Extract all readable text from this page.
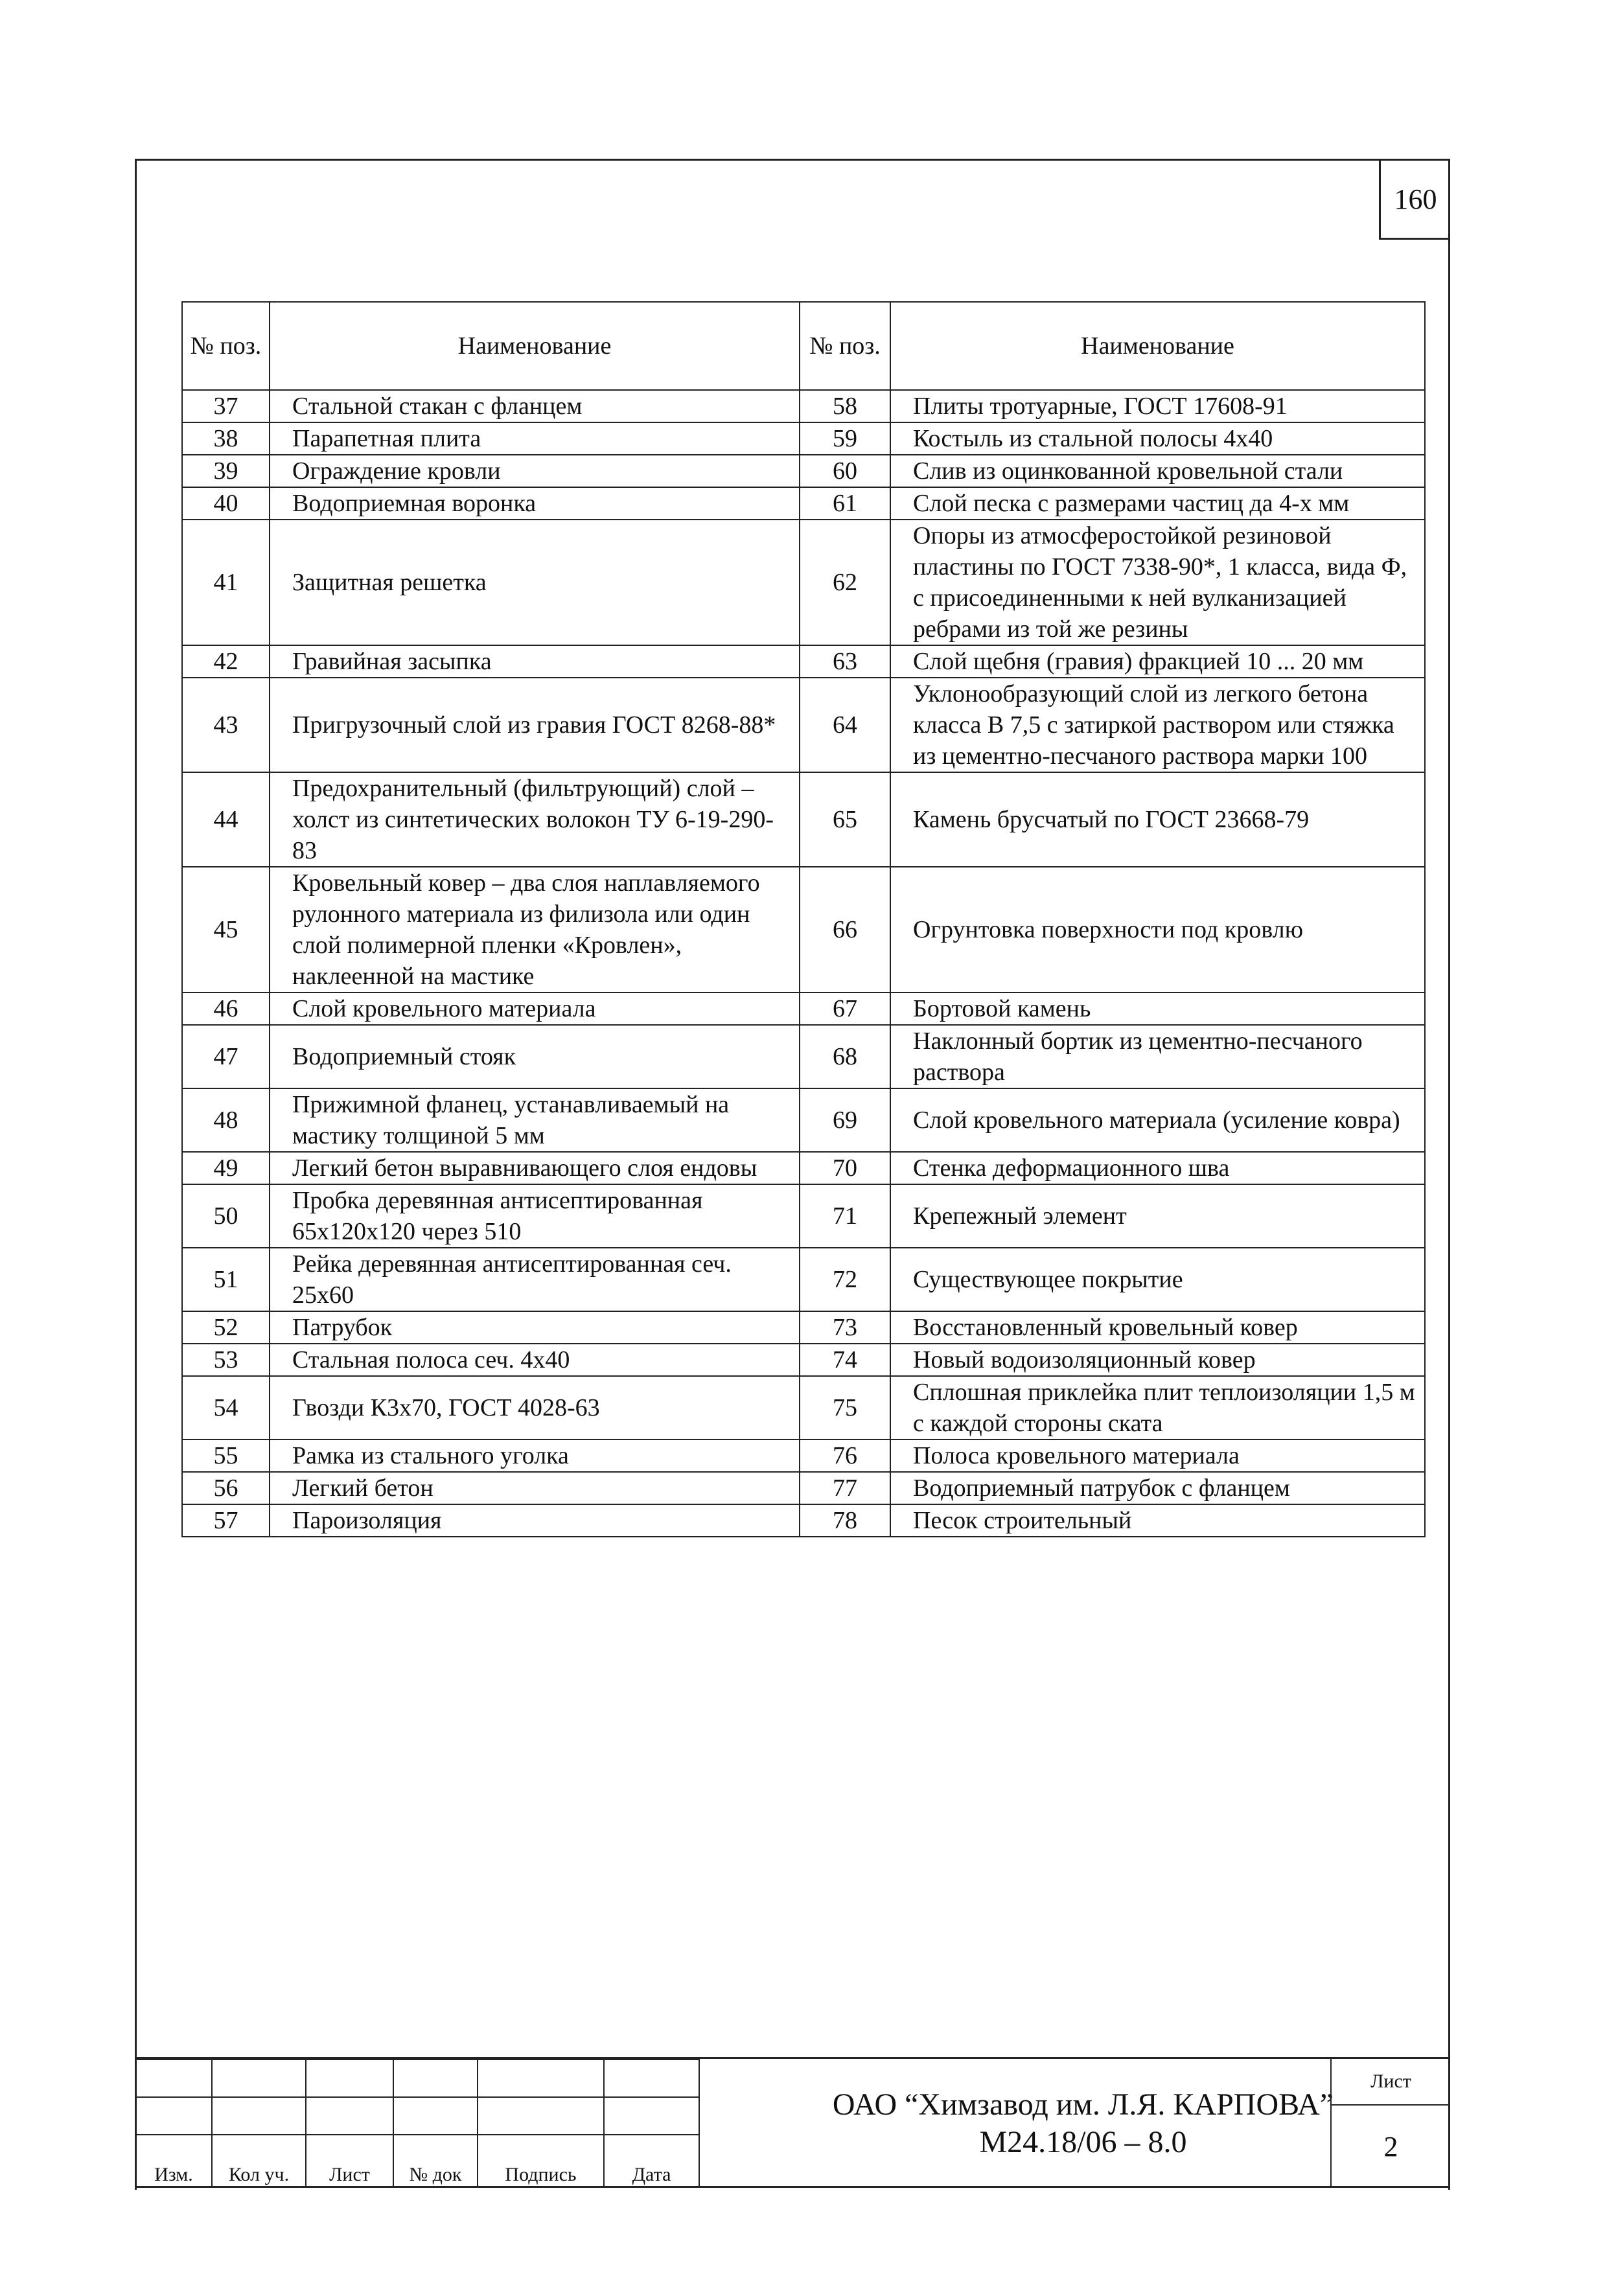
160
№ поз.	Наименование	№ поз.	Наименование
37	Стальной стакан с фланцем	58	Плиты тротуарные, ГОСТ 17608-91
38	Парапетная плита	59	Костыль из стальной полосы 4x40
39	Ограждение кровли	60	Слив из оцинкованной кровельной стали
40	Водоприемная воронка	61	Слой песка с размерами частиц да 4-х мм
41	Защитная решетка	62	Опоры из атмосферостойкой резиновой пластины по ГОСТ 7338-90*, 1 класса, вида Ф, с присоединенными к ней вулканизацией ребрами из той же резины
42	Гравийная засыпка	63	Слой щебня (гравия) фракцией 10 ... 20 мм
43	Пригрузочный слой из гравия ГОСТ 8268-88*	64	Уклонообразующий слой из легкого бетона класса В 7,5 с затиркой раствором или стяжка из цементно-песчаного раствора марки 100
44	Предохранительный (фильтрующий) слой – холст из синтетических волокон ТУ 6-19-290-83	65	Камень брусчатый по ГОСТ 23668-79
45	Кровельный ковер – два слоя наплавляемого рулонного материала из филизола или один слой полимерной пленки «Кровлен», наклеенной на мастике	66	Огрунтовка поверхности под кровлю
46	Слой кровельного материала	67	Бортовой камень
47	Водоприемный стояк	68	Наклонный бортик из цементно-песчаного раствора
48	Прижимной фланец, устанавливаемый на мастику толщиной 5 мм	69	Слой кровельного материала (усиление ковра)
49	Легкий бетон выравнивающего слоя ендовы	70	Стенка деформационного шва
50	Пробка деревянная антисептированная 65x120x120 через 510	71	Крепежный элемент
51	Рейка деревянная антисептированная сеч. 25x60	72	Существующее покрытие
52	Патрубок	73	Восстановленный кровельный ковер
53	Стальная полоса сеч. 4x40	74	Новый водоизоляционный ковер
54	Гвозди К3x70, ГОСТ 4028-63	75	Сплошная приклейка плит теплоизоляции 1,5 м с каждой стороны ската
55	Рамка из стального уголка	76	Полоса кровельного материала
56	Легкий бетон	77	Водоприемный патрубок с фланцем
57	Пароизоляция	78	Песок строительный

Изм.	Кол уч.	Лист	№ док	Подпись	Дата
ОАО “Химзавод им. Л.Я. КАРПОВА”
М24.18/06 – 8.0
Лист
2
